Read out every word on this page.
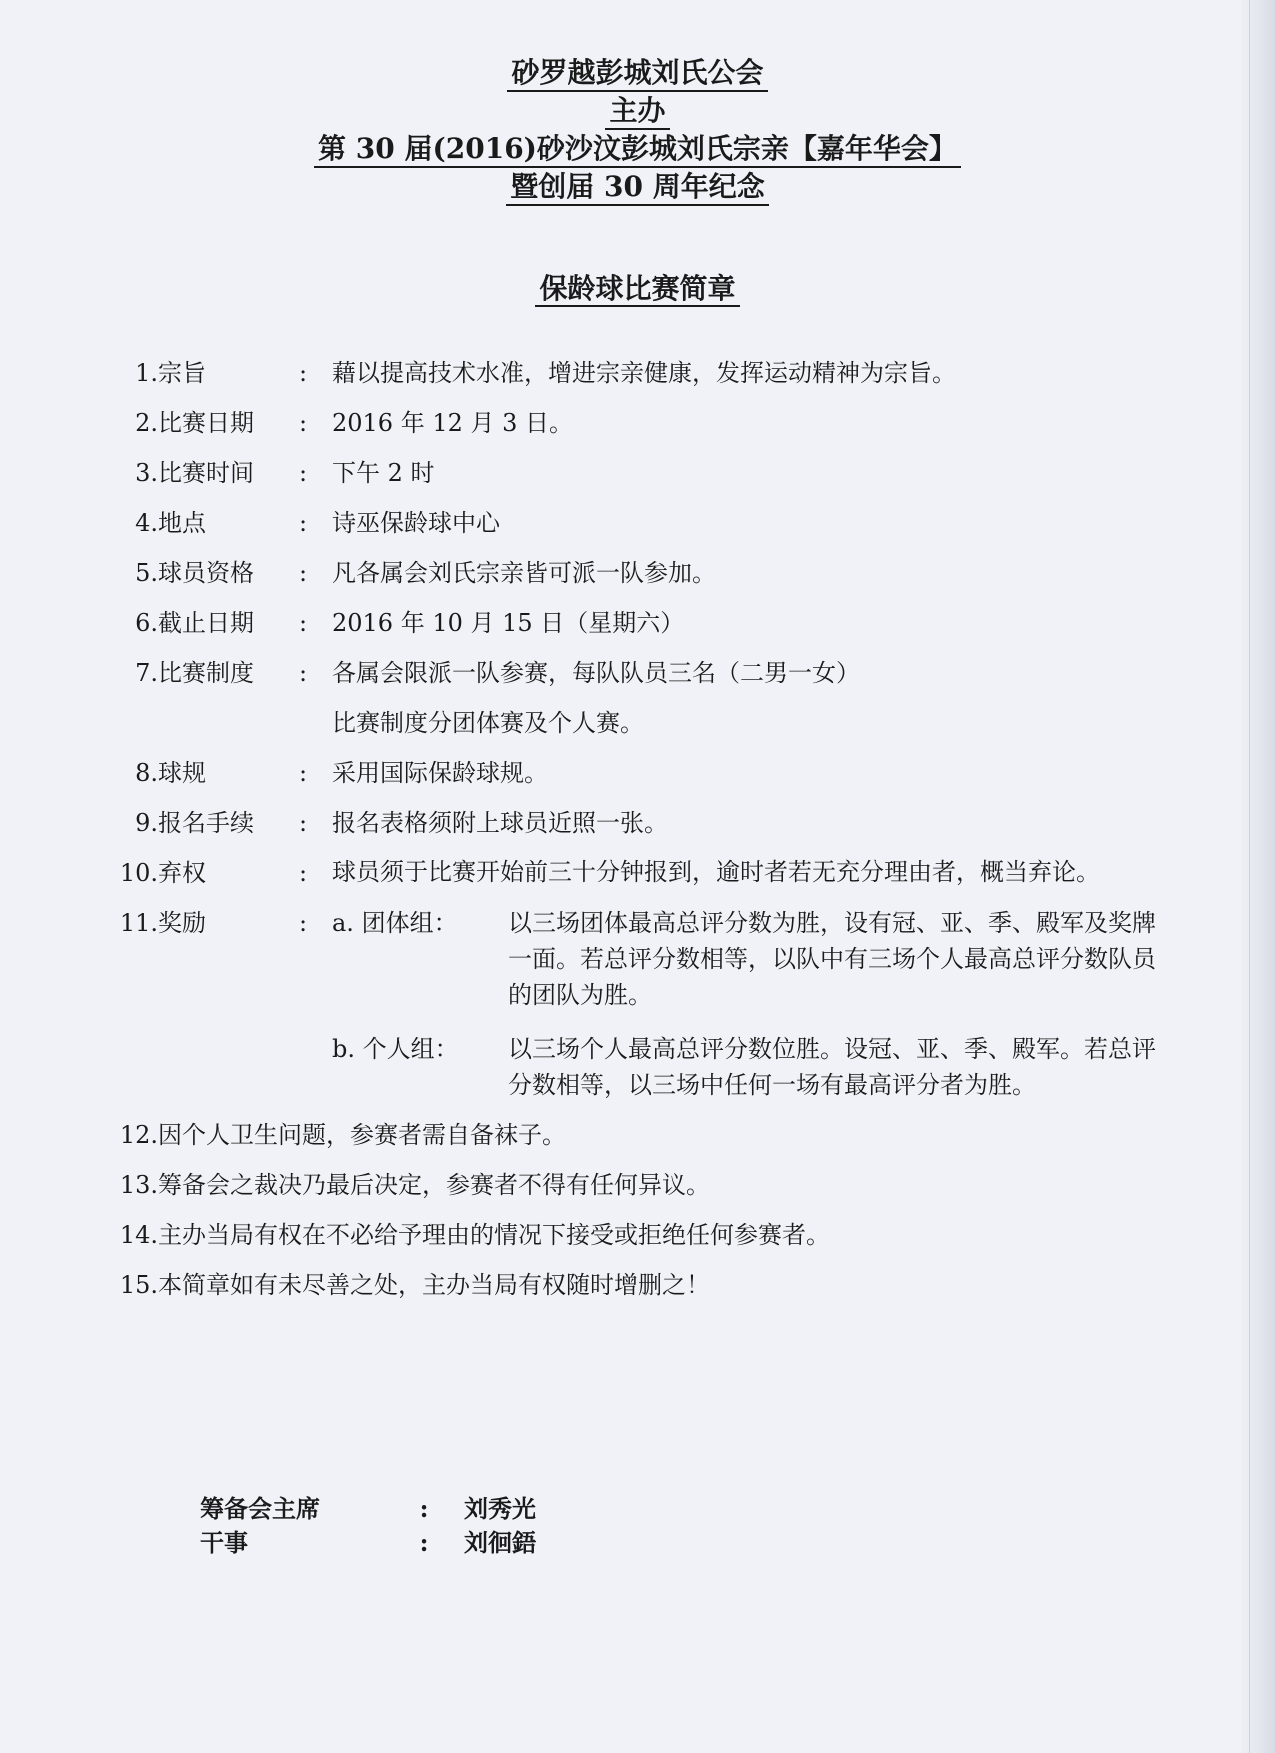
砂罗越彭城刘氏公会
主办
第 30 届(2016)砂沙汶彭城刘氏宗亲【嘉年华会】
暨创届 30 周年纪念
保龄球比赛简章
1. 宗旨	:	藉以提高技术水准，增进宗亲健康，发挥运动精神为宗旨。

2. 比赛日期	:	2016 年 12 月 3 日。

3. 比赛时间	:	下午 2 时

4. 地点	:	诗巫保龄球中心

5. 球员资格	:	凡各属会刘氏宗亲皆可派一队参加。

6. 截止日期	:	2016 年 10 月 15 日（星期六）

7. 比赛制度	:	各属会限派一队参赛，每队队员三名（二男一女）

比赛制度分团体赛及个人赛。

8. 球规	:	采用国际保龄球规。

9. 报名手续	:	报名表格须附上球员近照一张。

10. 弃权	:	球员须于比赛开始前三十分钟报到，逾时者若无充分理由者，概当弃论。

11. 奖励	:	a. 团体组：	以三场团体最高总评分数为胜，设有冠、亚、季、殿军及奖牌一面。若总评分数相等，以队中有三场个人最高总评分数队员的团队为胜。
b. 个人组：	以三场个人最高总评分数位胜。设冠、亚、季、殿军。若总评分数相等，以三场中任何一场有最高评分者为胜。
12. 因个人卫生问题，参赛者需自备袜子。
13. 筹备会之裁决乃最后决定，参赛者不得有任何异议。
14. 主办当局有权在不必给予理由的情况下接受或拒绝任何参赛者。
15. 本简章如有未尽善之处，主办当局有权随时增删之！
筹备会主席	: 刘秀光
干事	: 刘徊鋙
